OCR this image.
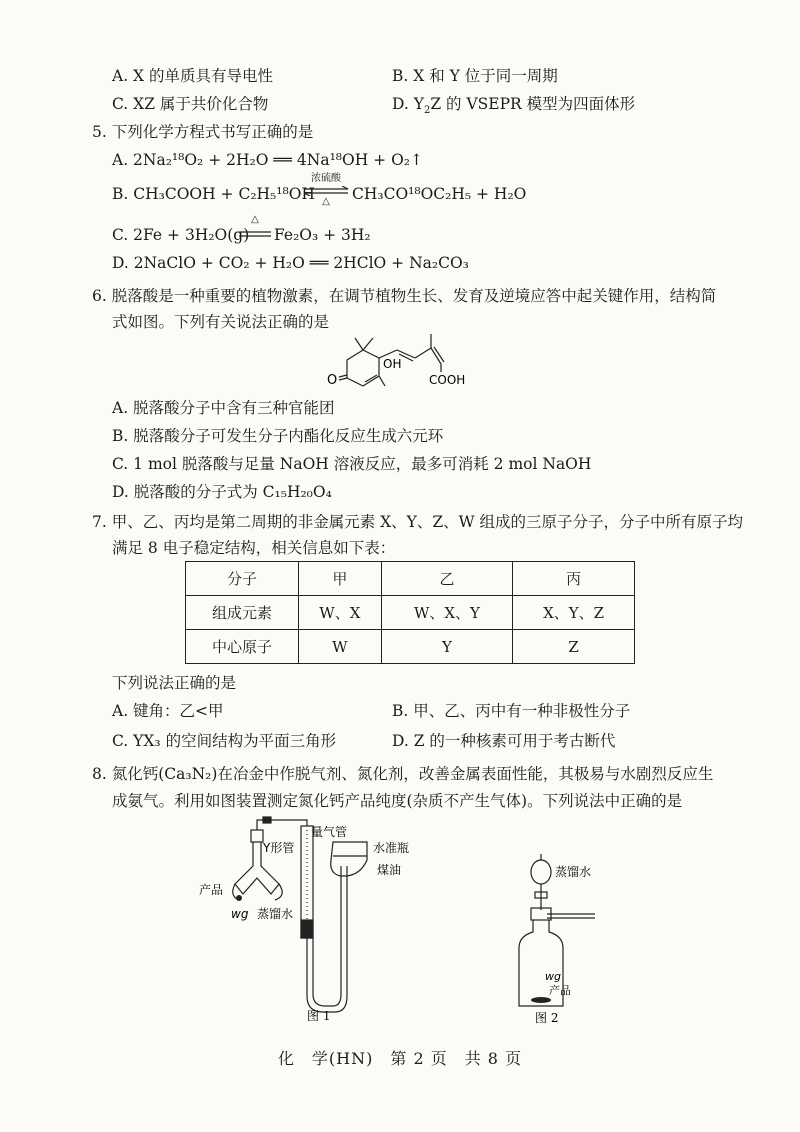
A. X 的单质具有导电性	B. X 和 Y 位于同一周期
C. XZ 属于共价化合物	D. $Y_2Z$ 的 VSEPR 模型为四面体形
5. 下列化学方程式书写正确的是
A. 2Na₂¹⁸O₂ + 2H₂O ══ 4Na¹⁸OH + O₂↑
B. CH₃COOH + C₂H₅¹⁸OH
浓硫酸
△	CH₃CO¹⁸OC₂H₅ + H₂O
C. 2Fe + 3H₂O(g)
△
Fe₂O₃ + 3H₂
D. 2NaClO + CO₂ + H₂O ══ 2HClO + Na₂CO₃
6. 脱落酸是一种重要的植物激素，在调节植物生长、发育及逆境应答中起关键作用，结构简
式如图。下列有关说法正确的是
O
OH
COOH
A. 脱落酸分子中含有三种官能团
B. 脱落酸分子可发生分子内酯化反应生成六元环
C. 1 mol 脱落酸与足量 NaOH 溶液反应，最多可消耗 2 mol NaOH
D. 脱落酸的分子式为 C₁₅H₂₀O₄
7. 甲、乙、丙均是第二周期的非金属元素 X、Y、Z、W 组成的三原子分子，分子中所有原子均
满足 8 电子稳定结构，相关信息如下表：
分子	甲	乙	丙
组成元素	W、X	W、X、Y	X、Y、Z
中心原子	W	Y	Z
下列说法正确的是
A. 键角：乙<甲	B. 甲、乙、丙中有一种非极性分子
C. YX₃ 的空间结构为平面三角形	D. Z 的一种核素可用于考古断代
8. 氮化钙(Ca₃N₂)在冶金中作脱气剂、氮化剂，改善金属表面性能，其极易与水剧烈反应生
成氨气。利用如图装置测定氮化钙产品纯度(杂质不产生气体)。下列说法中正确的是
量气管
Y形管	水准瓶
煤油
产品
wg 蒸馏水
图 1
蒸馏水
wg
产品
图 2
化　学(HN)　第 2 页　共 8 页
